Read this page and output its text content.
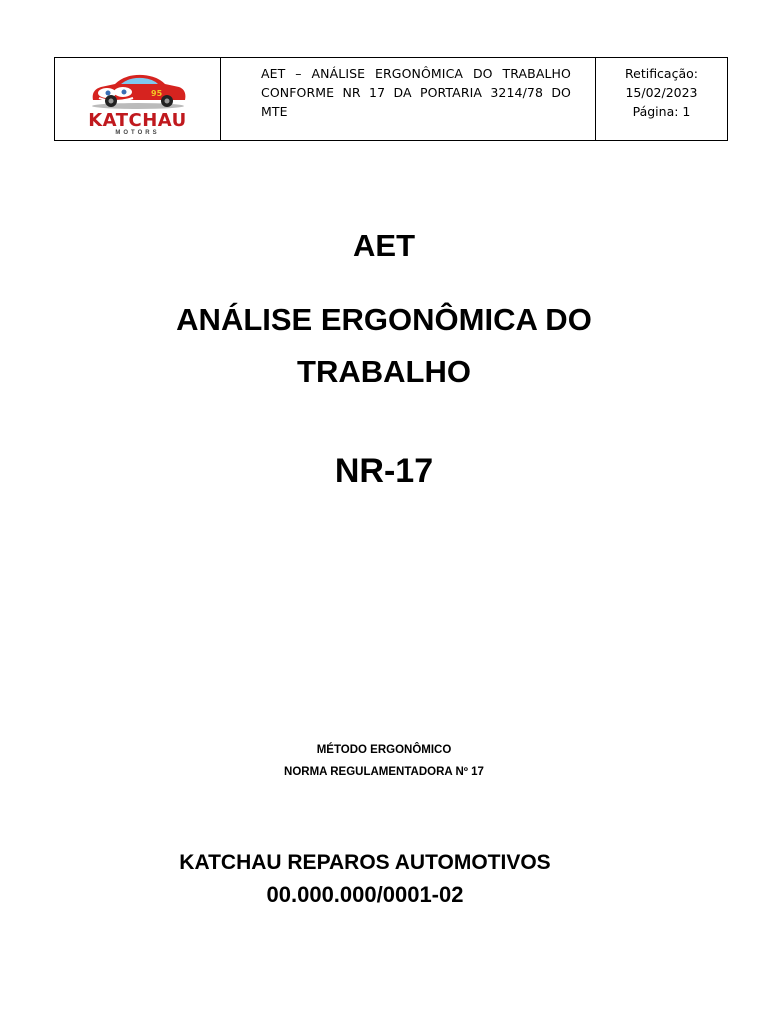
95
KATCHAU
MOTORS
AET – ANÁLISE ERGONÔMICA DO TRABALHO
CONFORME NR 17 DA PORTARIA 3214/78 DO
MTE
Retificação:
15/02/2023
Página: 1
AET
ANÁLISE ERGONÔMICA DO
TRABALHO
NR-17
MÉTODO ERGONÔMICO
NORMA REGULAMENTADORA Nº 17
KATCHAU REPAROS AUTOMOTIVOS
00.000.000/0001-02
